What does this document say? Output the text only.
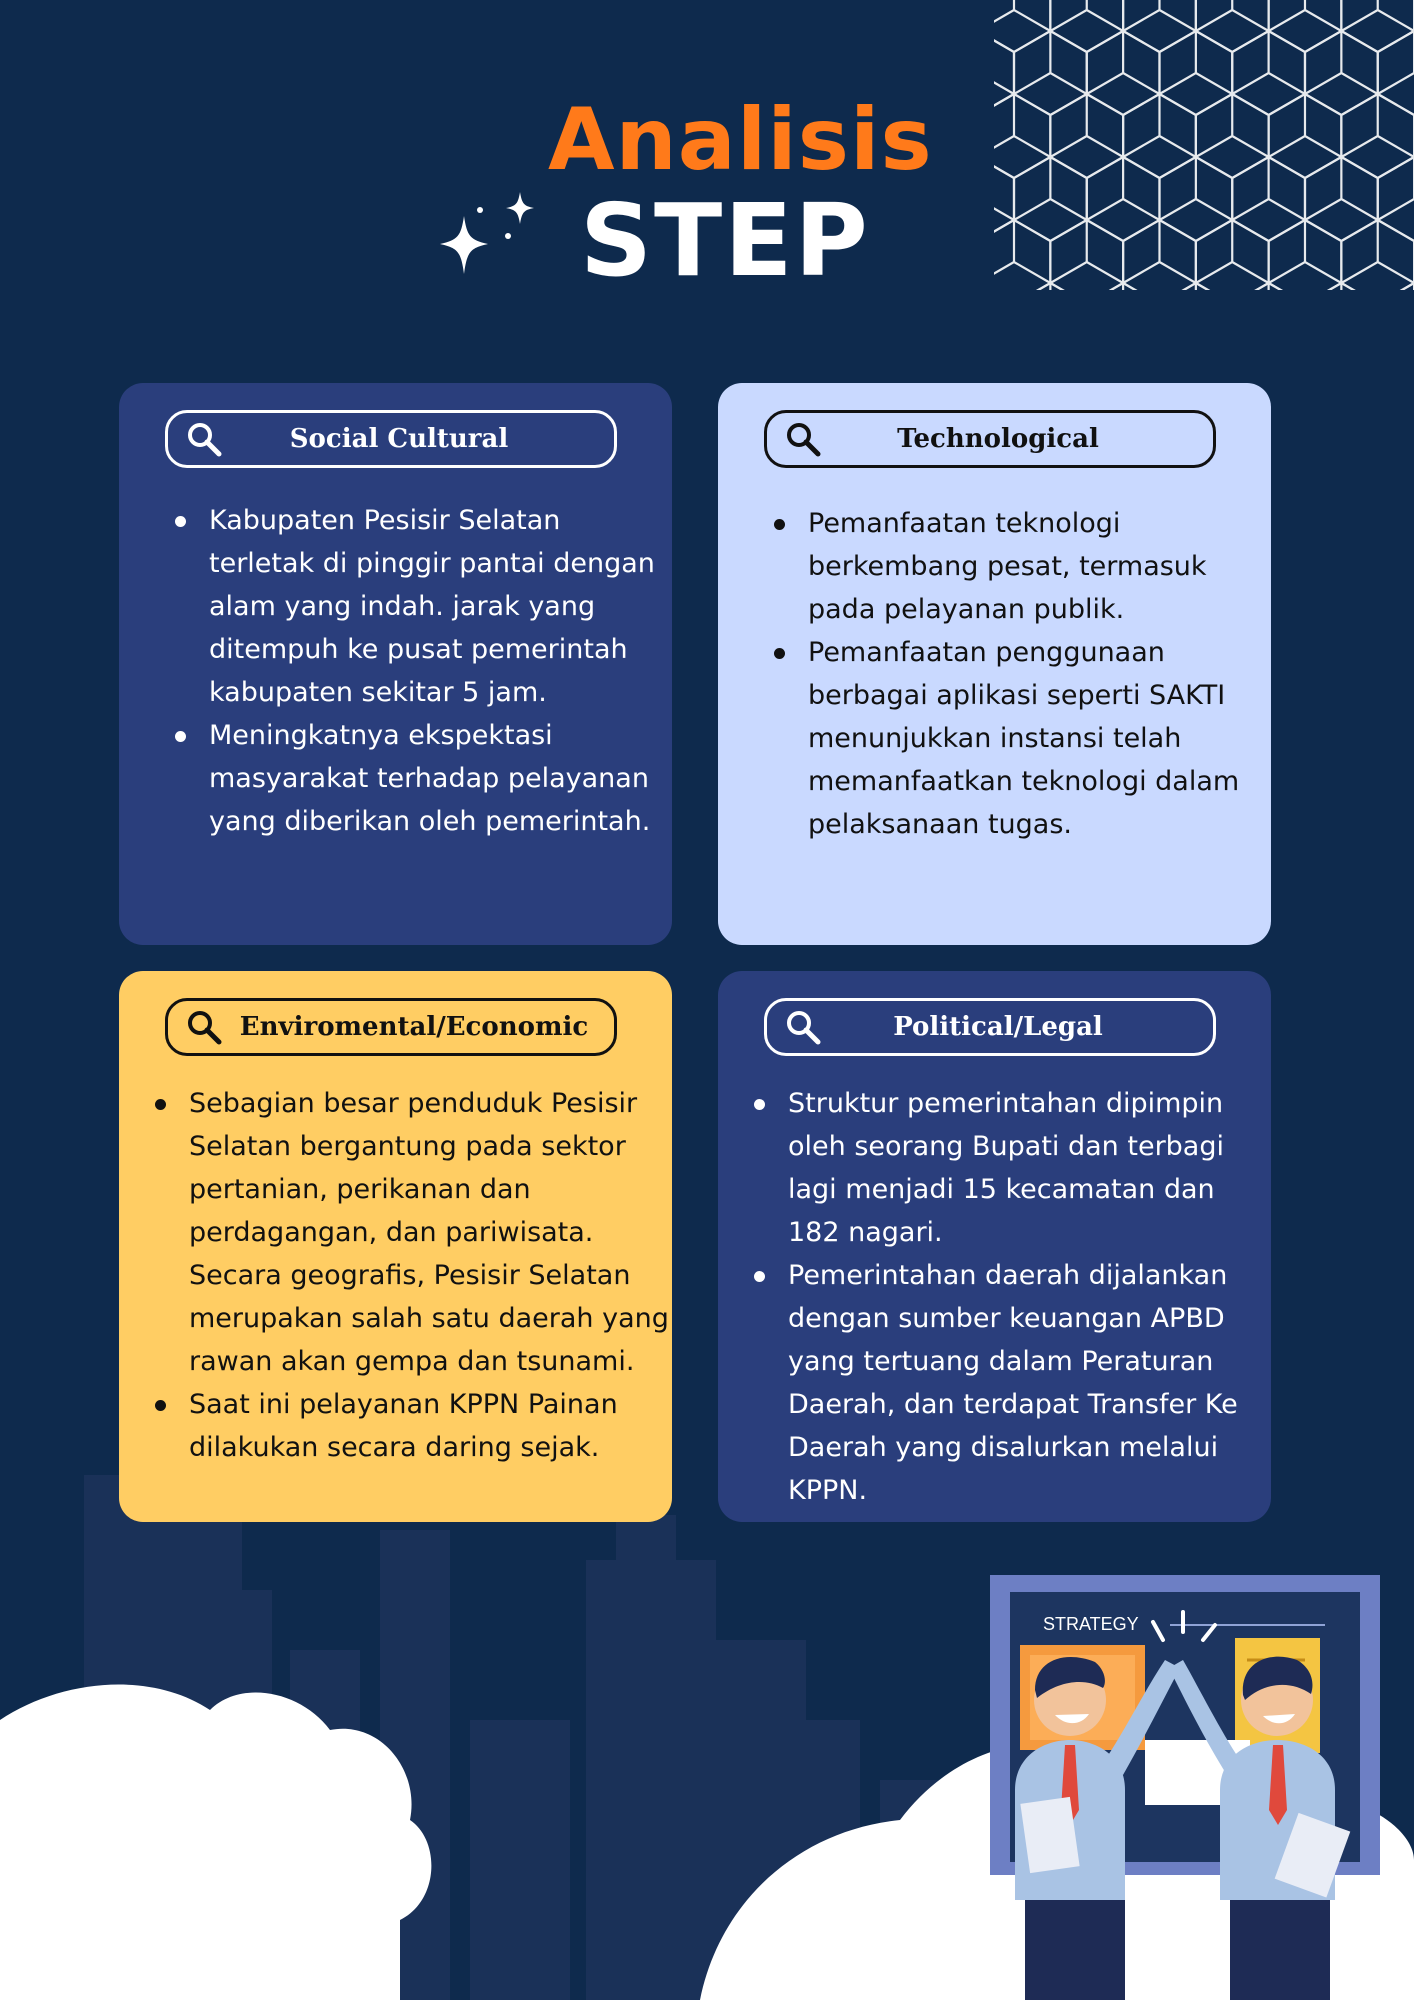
Analisis
STEP
Social Cultural
Kabupaten Pesisir Selatan terletak di pinggir pantai dengan alam yang indah. jarak yang ditempuh ke pusat pemerintah kabupaten sekitar 5 jam.
Meningkatnya ekspektasi masyarakat terhadap pelayanan yang diberikan oleh pemerintah.
Technological
Pemanfaatan teknologi berkembang pesat, termasuk pada pelayanan publik.
Pemanfaatan penggunaan berbagai aplikasi seperti SAKTI menunjukkan instansi telah memanfaatkan teknologi dalam pelaksanaan tugas.
Enviromental/Economic
Sebagian besar penduduk Pesisir Selatan bergantung pada sektor pertanian, perikanan dan perdagangan, dan pariwisata. Secara geografis, Pesisir Selatan merupakan salah satu daerah yang rawan akan gempa dan tsunami.
Saat ini pelayanan KPPN Painan dilakukan secara daring sejak.
Political/Legal
Struktur pemerintahan dipimpin oleh seorang Bupati dan terbagi lagi menjadi 15 kecamatan dan 182 nagari.
Pemerintahan daerah dijalankan dengan sumber keuangan APBD yang tertuang dalam Peraturan Daerah, dan terdapat Transfer Ke Daerah yang disalurkan melalui KPPN.
STRATEGY
